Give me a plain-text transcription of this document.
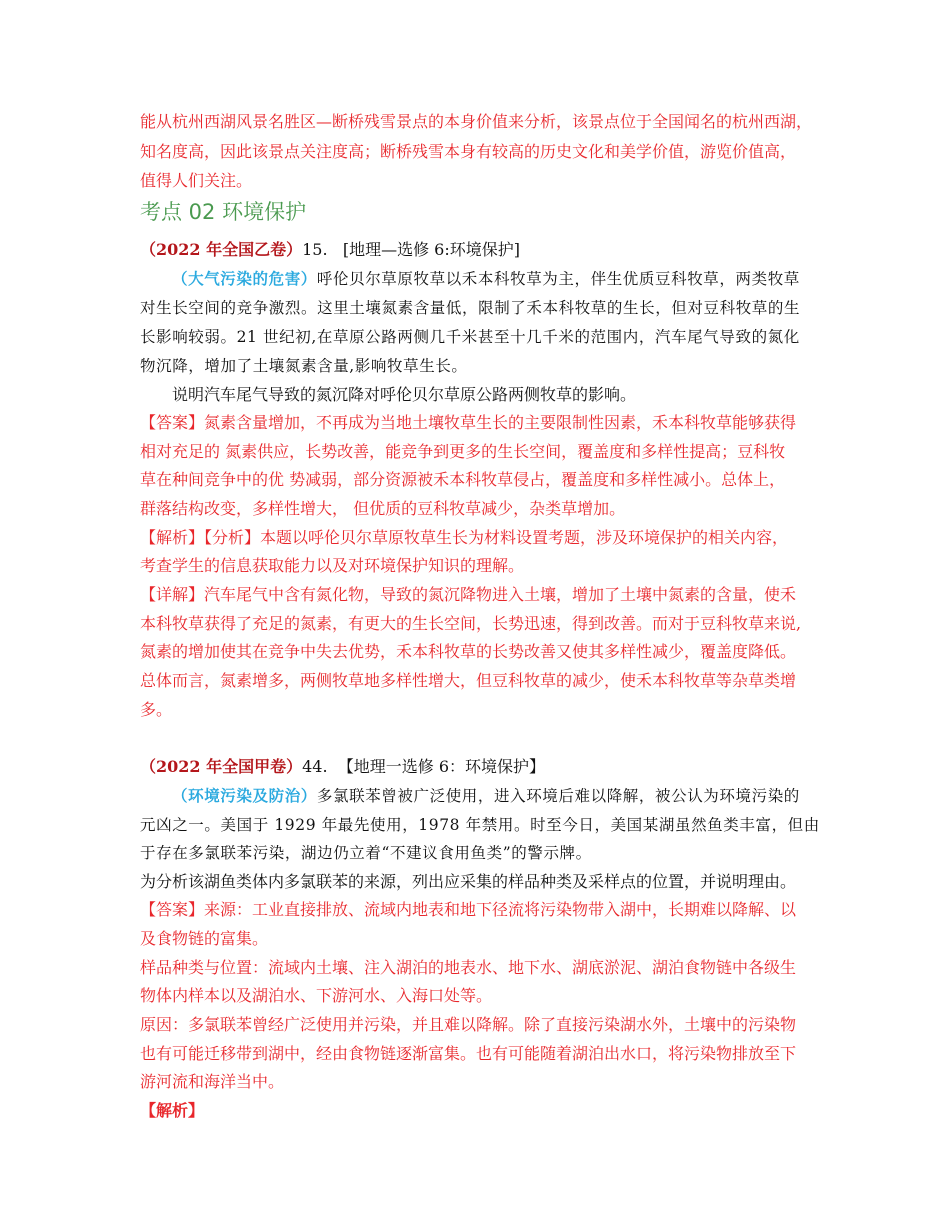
能从杭州西湖风景名胜区—断桥残雪景点的本身价值来分析，该景点位于全国闻名的杭州西湖，
知名度高，因此该景点关注度高；断桥残雪本身有较高的历史文化和美学价值，游览价值高，
值得人们关注。
考点 02 环境保护
（2022 年全国乙卷）15. [地理—选修 6:环境保护]
（大气污染的危害）呼伦贝尔草原牧草以禾本科牧草为主，伴生优质豆科牧草，两类牧草
对生长空间的竞争激烈。这里土壤氮素含量低，限制了禾本科牧草的生长，但对豆科牧草的生
长影响较弱。21 世纪初,在草原公路两侧几千米甚至十几千米的范围内，汽车尾气导致的氮化
物沉降，增加了土壤氮素含量,影响牧草生长。
说明汽车尾气导致的氮沉降对呼伦贝尔草原公路两侧牧草的影响。
【答案】氮素含量增加，不再成为当地土壤牧草生长的主要限制性因素，禾本科牧草能够获得
相对充足的 氮素供应，长势改善，能竞争到更多的生长空间，覆盖度和多样性提高；豆科牧
草在种间竞争中的优 势减弱，部分资源被禾本科牧草侵占，覆盖度和多样性减小。总体上，
群落结构改变，多样性增大， 但优质的豆科牧草减少，杂类草增加。
【解析】【分析】本题以呼伦贝尔草原牧草生长为材料设置考题，涉及环境保护的相关内容，
考查学生的信息获取能力以及对环境保护知识的理解。
【详解】汽车尾气中含有氮化物，导致的氮沉降物进入土壤，增加了土壤中氮素的含量，使禾
本科牧草获得了充足的氮素，有更大的生长空间，长势迅速，得到改善。而对于豆科牧草来说,
氮素的增加使其在竞争中失去优势，禾本科牧草的长势改善又使其多样性减少，覆盖度降低。
总体而言，氮素增多，两侧牧草地多样性增大，但豆科牧草的减少，使禾本科牧草等杂草类增
多。
（2022 年全国甲卷）44. 【地理一选修 6：环境保护】
（环境污染及防治）多氯联苯曾被广泛使用，进入环境后难以降解，被公认为环境污染的
元凶之一。美国于 1929 年最先使用，1978 年禁用。时至今日，美国某湖虽然鱼类丰富，但由
于存在多氯联苯污染，湖边仍立着“不建议食用鱼类”的警示牌。
为分析该湖鱼类体内多氯联苯的来源，列出应采集的样品种类及采样点的位置，并说明理由。
【答案】来源：工业直接排放、流域内地表和地下径流将污染物带入湖中，长期难以降解、以
及食物链的富集。
样品种类与位置：流域内土壤、注入湖泊的地表水、地下水、湖底淤泥、湖泊食物链中各级生
物体内样本以及湖泊水、下游河水、入海口处等。
原因：多氯联苯曾经广泛使用并污染，并且难以降解。除了直接污染湖水外，土壤中的污染物
也有可能迁移带到湖中，经由食物链逐渐富集。也有可能随着湖泊出水口，将污染物排放至下
游河流和海洋当中。
【解析】
